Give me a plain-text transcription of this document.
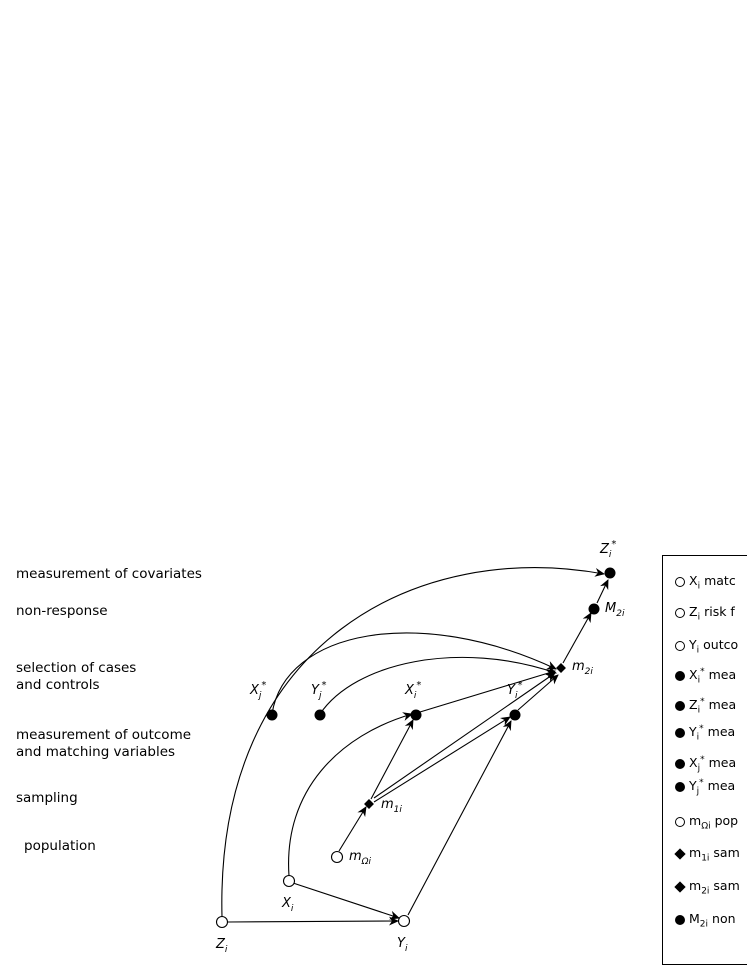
measurement of covariates
non-response
selection of cases
and controls
measurement of outcome
and matching variables
sampling
population
$Z_i^*$
$M_{2i}$
$m_{2i}$
$X_j^*$	$Y_j^*$	$X_i^*$	$Y_i^*$
$m_{1i}$
$m_{\Omega i}$
$X_i$
$Z_i$	$Y_i$
$X_i$ matc
$Z_i$ risk f
$Y_i$ outco
$X_i^*$ mea
$Z_i^*$ mea
$Y_i^*$ mea
$X_j^*$ mea
$Y_j^*$ mea
$m_{\Omega i}$ pop
$m_{1i}$ sam
$m_{2i}$ sam
$M_{2i}$ non
